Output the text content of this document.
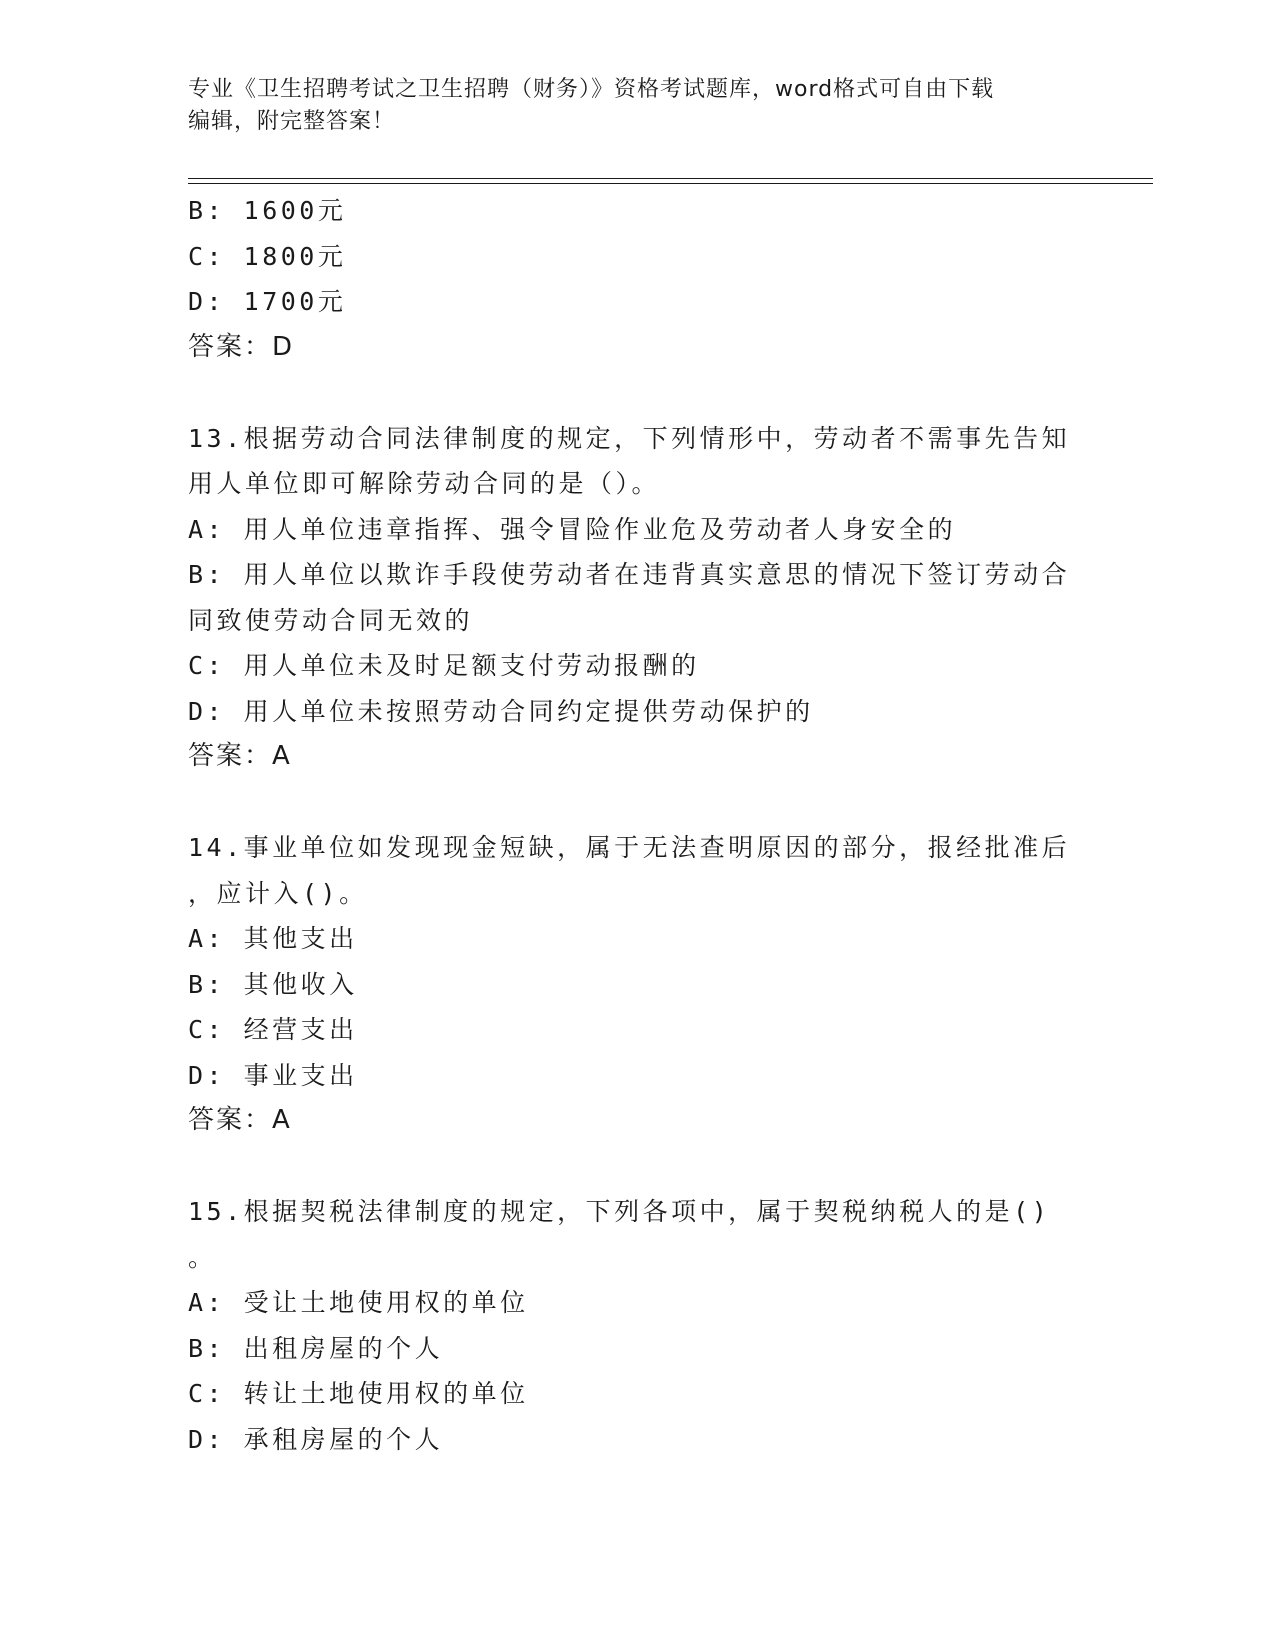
专业《卫生招聘考试之卫生招聘（财务）》资格考试题库，word格式可自由下载
编辑，附完整答案！
B: 1600元
C: 1800元
D: 1700元
答案：D
13.根据劳动合同法律制度的规定，下列情形中，劳动者不需事先告知
用人单位即可解除劳动合同的是（）。
A: 用人单位违章指挥、强令冒险作业危及劳动者人身安全的
B: 用人单位以欺诈手段使劳动者在违背真实意思的情况下签订劳动合
同致使劳动合同无效的
C: 用人单位未及时足额支付劳动报酬的
D: 用人单位未按照劳动合同约定提供劳动保护的
答案：A
14.事业单位如发现现金短缺，属于无法查明原因的部分，报经批准后
，应计入()。
A: 其他支出
B: 其他收入
C: 经营支出
D: 事业支出
答案：A
15.根据契税法律制度的规定，下列各项中，属于契税纳税人的是()
。
A: 受让土地使用权的单位
B: 出租房屋的个人
C: 转让土地使用权的单位
D: 承租房屋的个人
